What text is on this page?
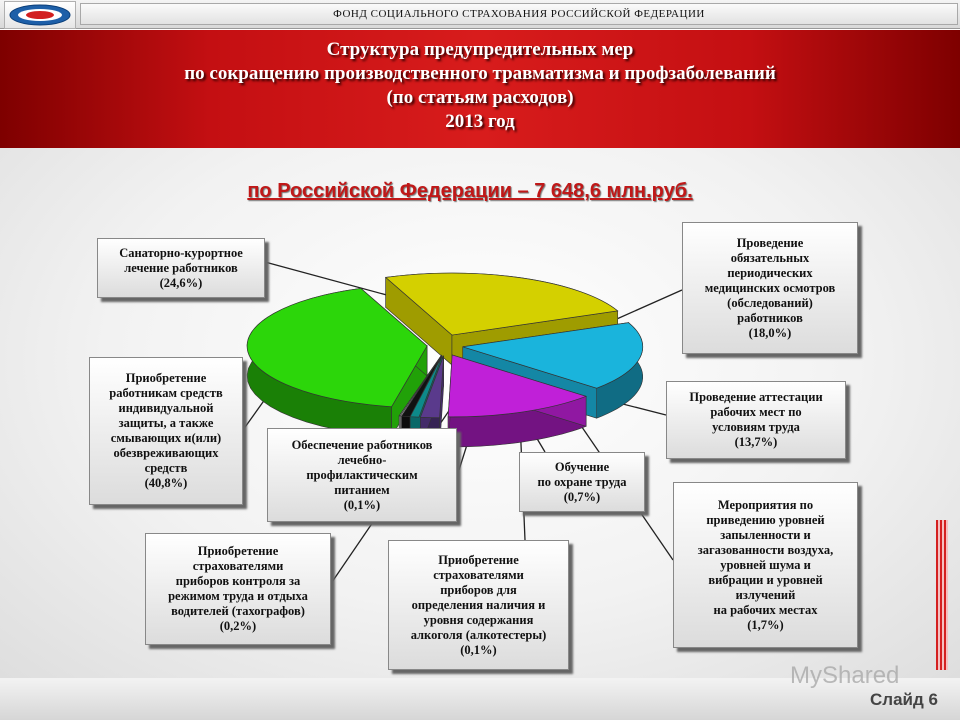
ФОНД СОЦИАЛЬНОГО СТРАХОВАНИЯ РОССИЙСКОЙ ФЕДЕРАЦИИ
Структура предупредительных мер
по сокращению производственного травматизма и профзаболеваний
(по статьям расходов)
2013 год
по Российской Федерации – 7 648,6 млн.руб.
Санаторно-курортное
лечение работников
(24,6%)
Проведение
обязательных
периодических
медицинских осмотров
(обследований)
работников
(18,0%)
Проведение аттестации
рабочих мест по
условиям труда
(13,7%)
Приобретение
работникам средств
индивидуальной
защиты, а также
смывающих и(или)
обезвреживающих
средств
(40,8%)
Обеспечение работников
лечебно-
профилактическим
питанием
(0,1%)
Обучение
по охране труда
(0,7%)
Приобретение
страхователями
приборов контроля за
режимом труда и отдыха
водителей (тахографов)
(0,2%)
Приобретение
страхователями
приборов для
определения наличия и
уровня содержания
алкоголя (алкотестеры)
(0,1%)
Мероприятия по
приведению уровней
запыленности и
загазованности воздуха,
уровней шума и
вибрации и уровней
излучений
на рабочих местах
(1,7%)
MyShared
Слайд 6
